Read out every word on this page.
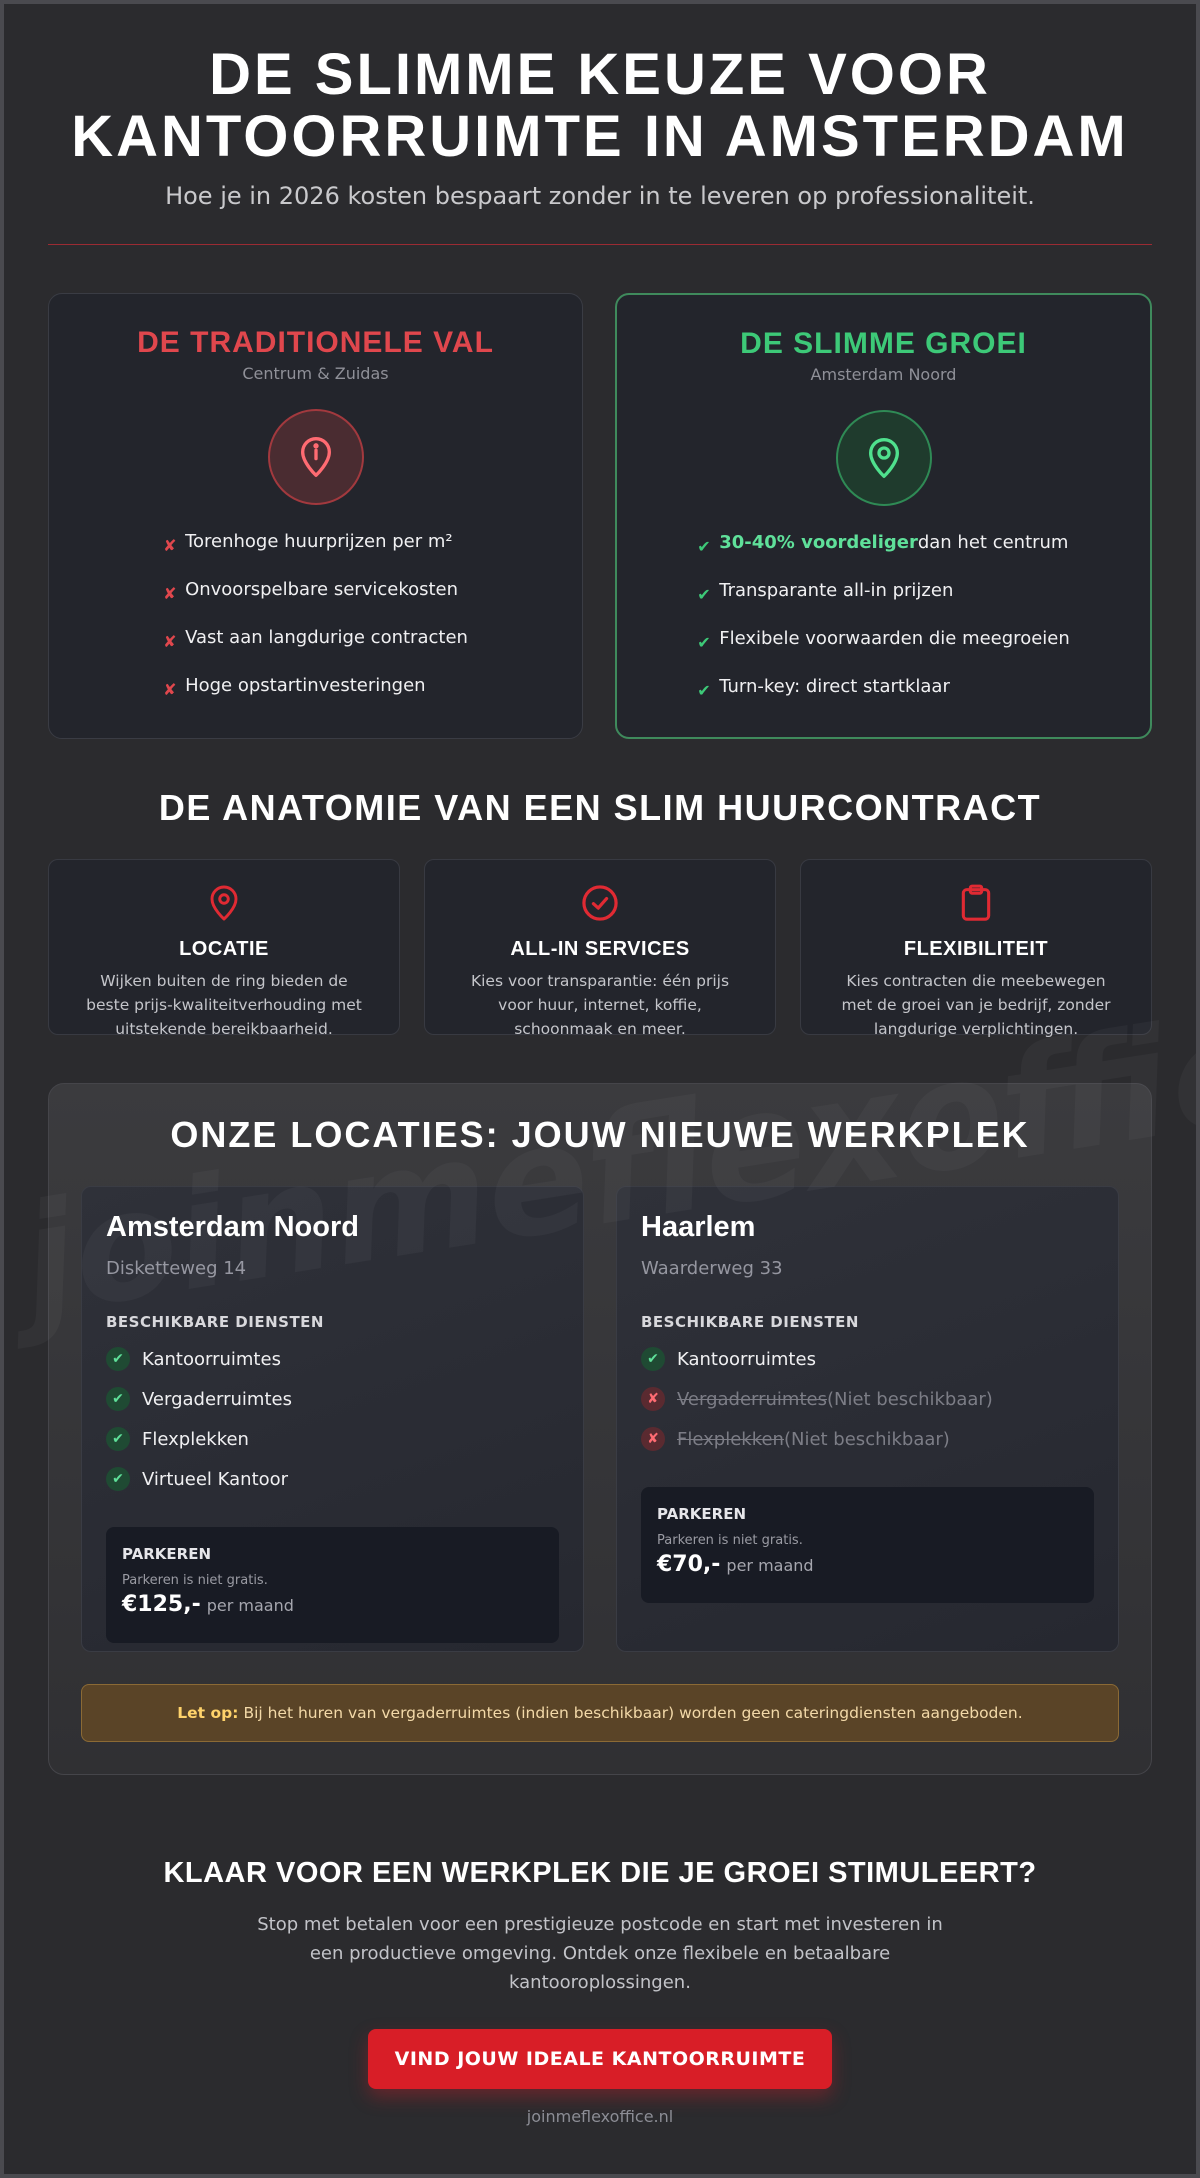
DE SLIMME KEUZE VOOR
KANTOORRUIMTE IN AMSTERDAM
Hoe je in 2026 kosten bespaart zonder in te leveren op professionaliteit.
DE TRADITIONELE VAL
Centrum & Zuidas
✘ Torenhoge huurprijzen per m²
✘ Onvoorspelbare servicekosten
✘ Vast aan langdurige contracten
✘ Hoge opstartinvesteringen
DE SLIMME GROEI
Amsterdam Noord
✔ 30-40% voordeligerdan het centrum
✔ Transparante all-in prijzen
✔ Flexibele voorwaarden die meegroeien
✔ Turn-key: direct startklaar
DE ANATOMIE VAN EEN SLIM HUURCONTRACT
LOCATIE
Wijken buiten de ring bieden de beste prijs-kwaliteitverhouding met uitstekende bereikbaarheid.
ALL-IN SERVICES
Kies voor transparantie: één prijs voor huur, internet, koffie, schoonmaak en meer.
FLEXIBILITEIT
Kies contracten die meebewegen met de groei van je bedrijf, zonder langdurige verplichtingen.
ONZE LOCATIES: JOUW NIEUWE WERKPLEK
Amsterdam Noord
Disketteweg 14
BESCHIKBARE DIENSTEN
✔	Kantoorruimtes
✔	Vergaderruimtes
✔	Flexplekken
✔	Virtueel Kantoor
PARKEREN
Parkeren is niet gratis.
€125,- per maand
Haarlem
Waarderweg 33
BESCHIKBARE DIENSTEN
✔	Kantoorruimtes
✘	Vergaderruimtes (Niet beschikbaar)
✘	Flexplekken (Niet beschikbaar)
PARKEREN
Parkeren is niet gratis.
€70,- per maand
Let op: Bij het huren van vergaderruimtes (indien beschikbaar) worden geen cateringdiensten aangeboden.
KLAAR VOOR EEN WERKPLEK DIE JE GROEI STIMULEERT?

Stop met betalen voor een prestigieuze postcode en start met investeren in een productieve omgeving. Ontdek onze flexibele en betaalbare kantooroplossingen.

VIND JOUW IDEALE KANTOORRUIMTE
joinmeflexoffice.nl
